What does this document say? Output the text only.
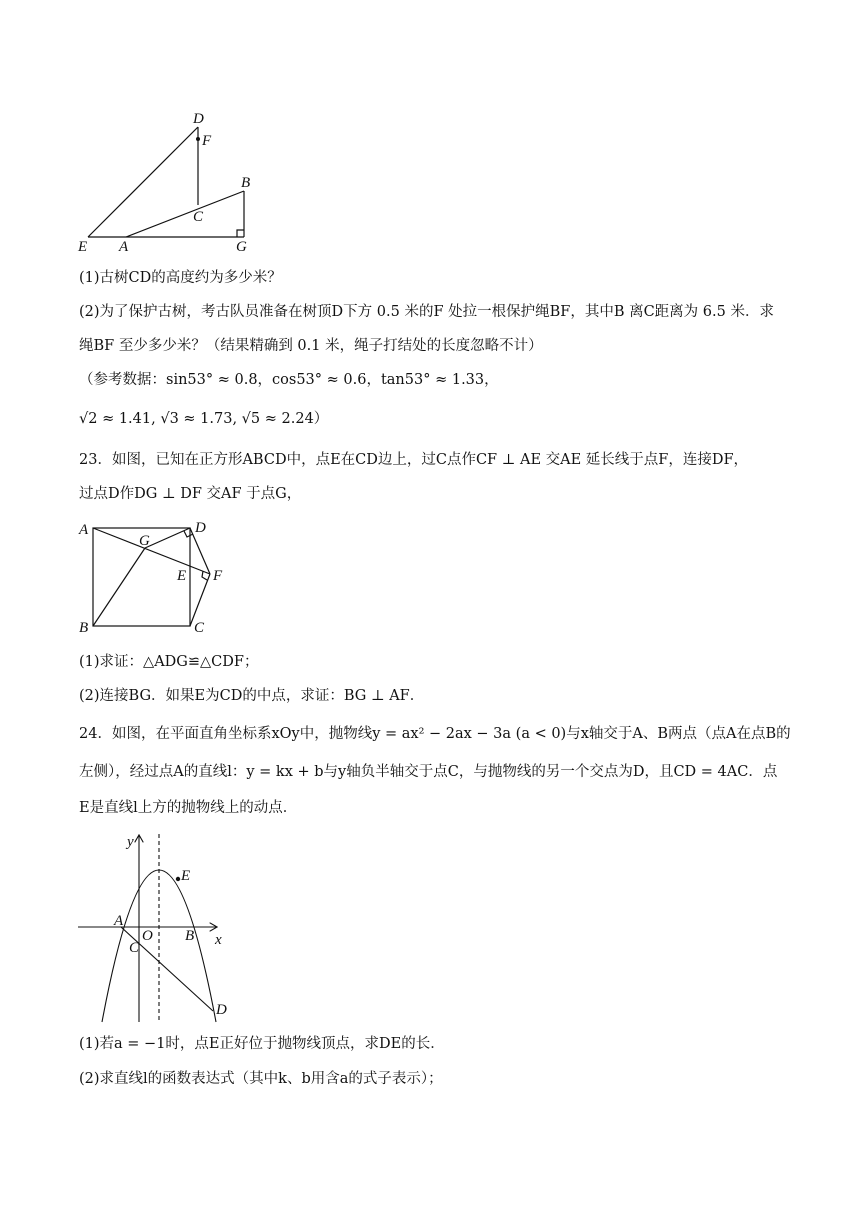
D
F
B
C
E A	G
(1)古树CD的高度约为多少米？
(2)为了保护古树，考古队员准备在树顶D下方 0.5 米的F 处拉一根保护绳BF，其中B 离C距离为 6.5 米．求
绳BF 至少多少米？（结果精确到 0.1 米，绳子打结处的长度忽略不计）
（参考数据：sin53° ≈ 0.8，cos53° ≈ 0.6，tan53° ≈ 1.33，
√2 ≈ 1.41, √3 ≈ 1.73, √5 ≈ 2.24）
23．如图，已知在正方形ABCD中，点E在CD边上，过C点作CF ⊥ AE 交AE 延长线于点F，连接DF，
过点D作DG ⊥ DF 交AF 于点G，
A	D
G
E F
B	C
(1)求证：△ADG≌△CDF；
(2)连接BG．如果E为CD的中点，求证：BG ⊥ AF．
24．如图，在平面直角坐标系xOy中，抛物线y = ax² − 2ax − 3a (a < 0)与x轴交于A、B两点（点A在点B的
左侧），经过点A的直线l：y = kx + b与y轴负半轴交于点C，与抛物线的另一个交点为D，且CD = 4AC．点
E是直线l上方的抛物线上的动点．
y
E
A
O B x
C
D
(1)若a = −1时，点E正好位于抛物线顶点，求DE的长．
(2)求直线l的函数表达式（其中k、b用含a的式子表示）；
